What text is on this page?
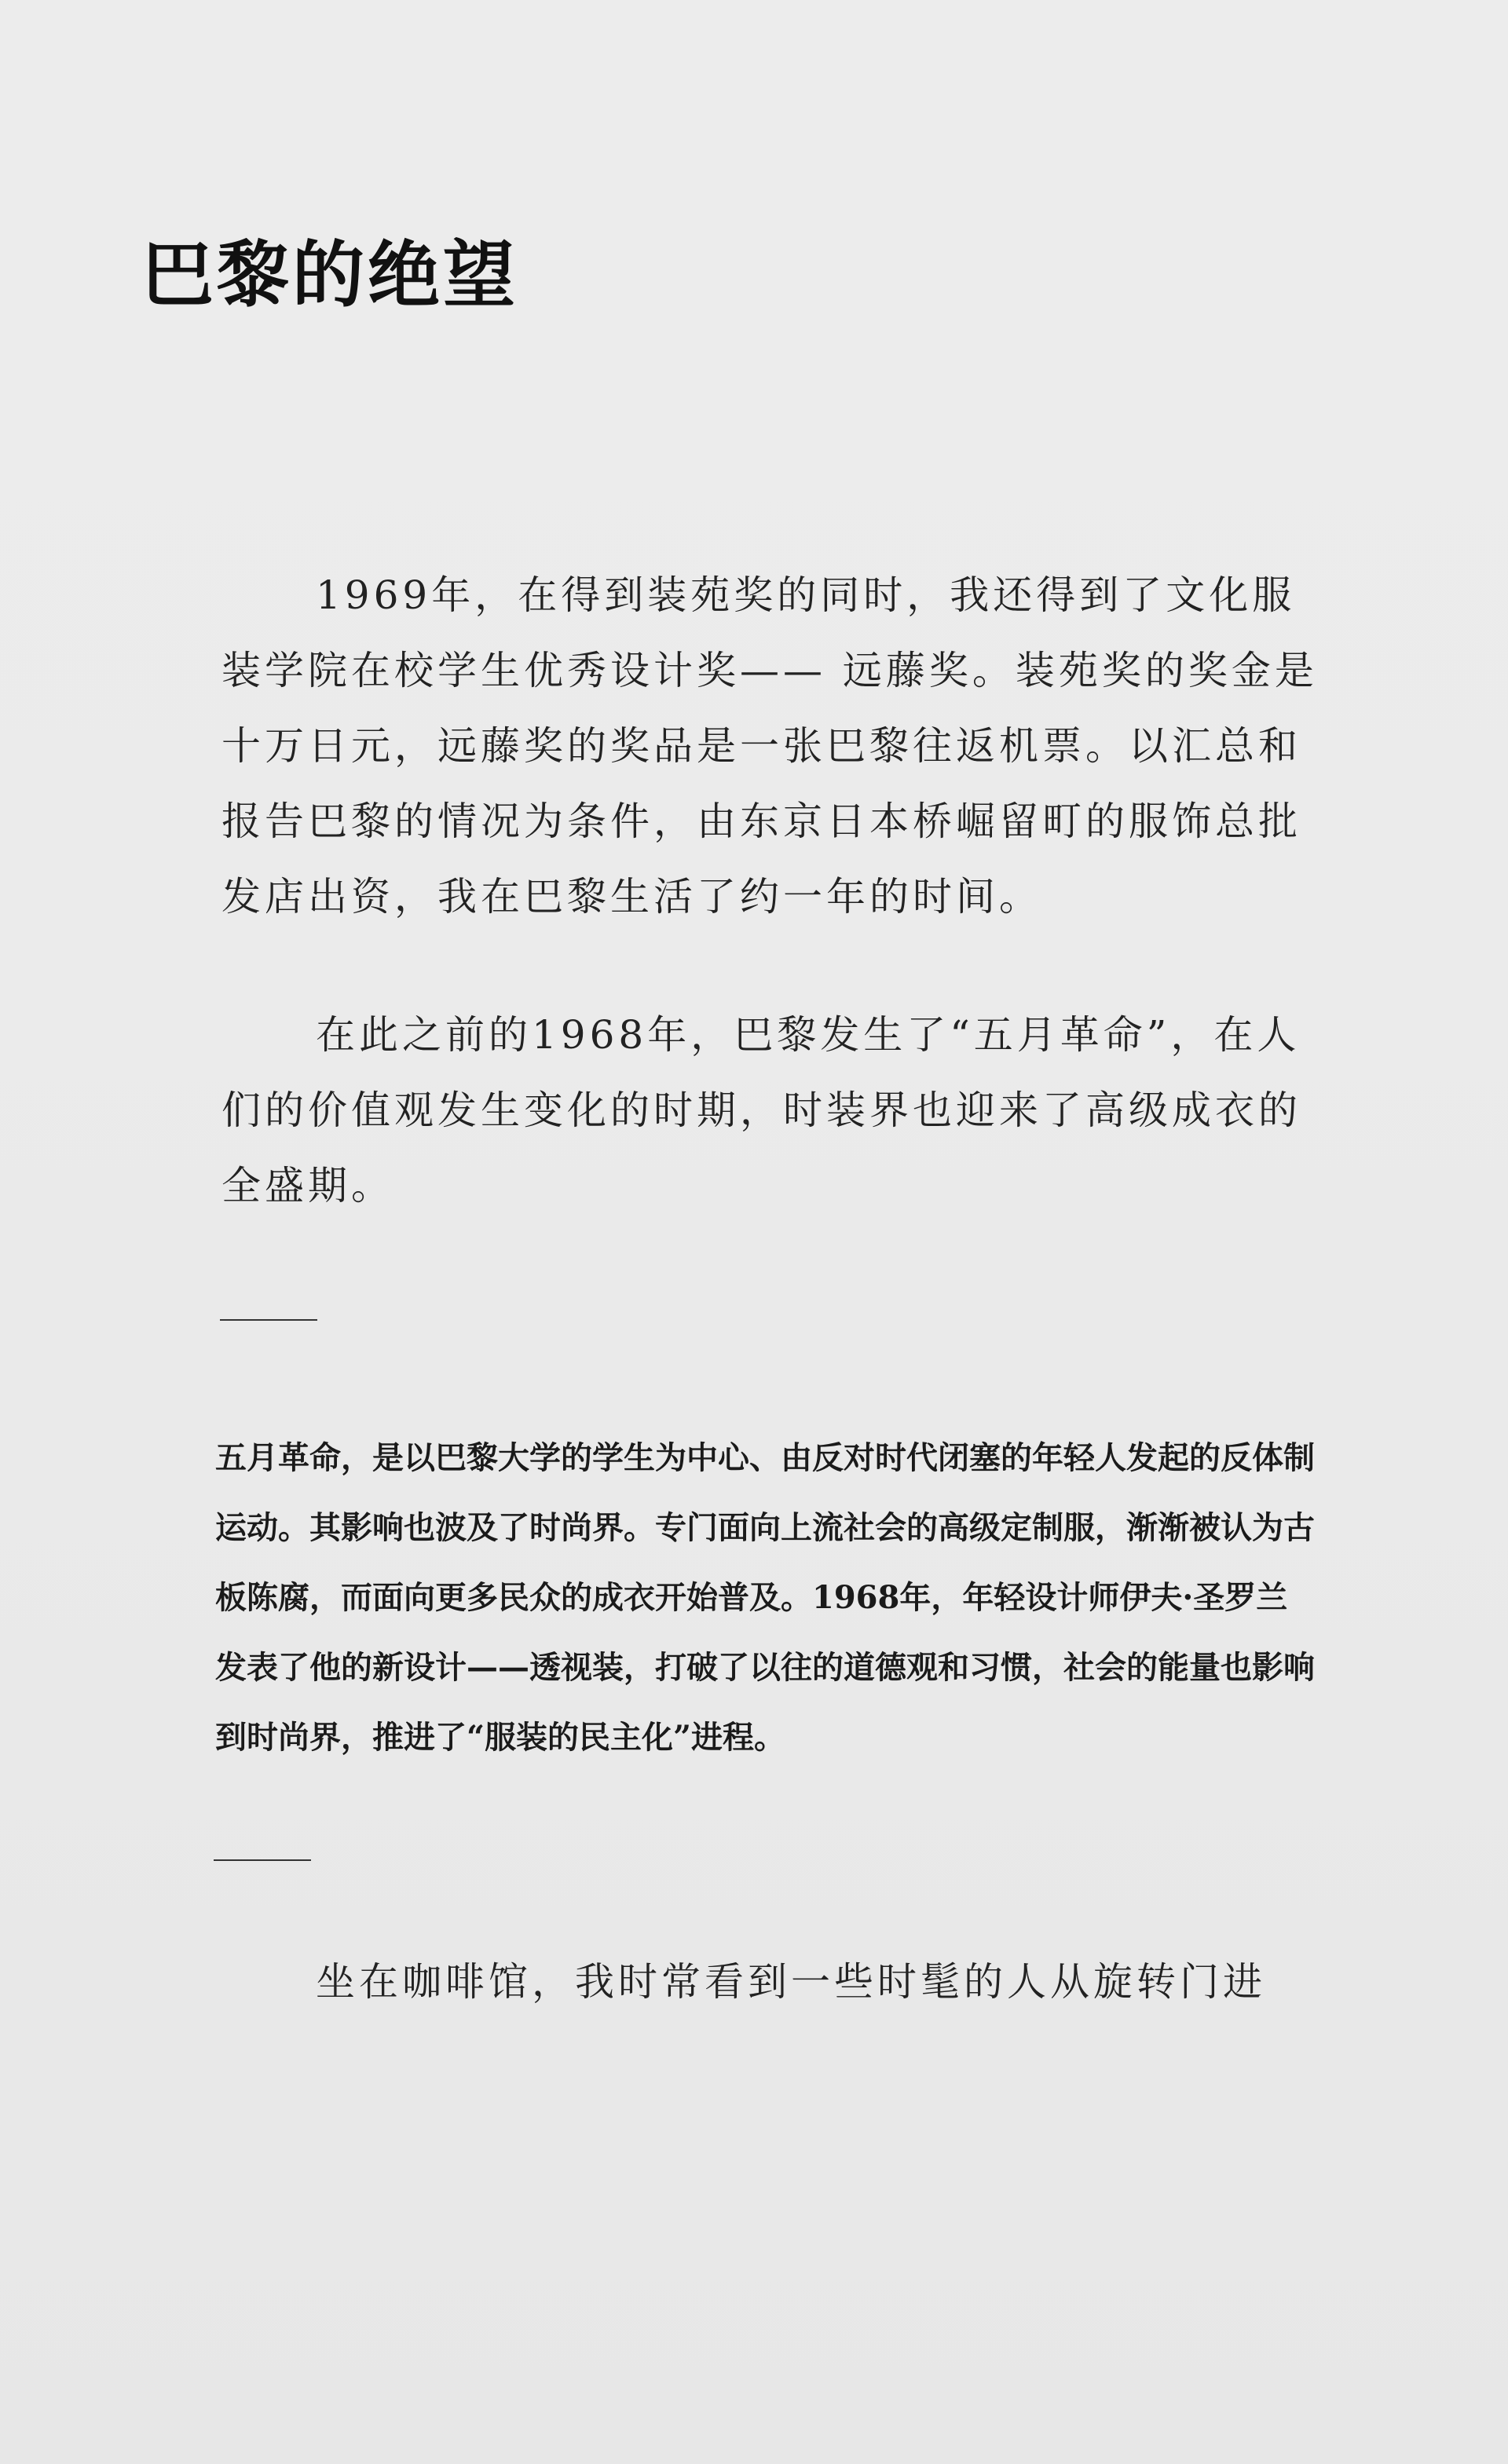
巴黎的绝望

1969年，在得到装苑奖的同时，我还得到了文化服装学院在校学生优秀设计奖—— 远藤奖。装苑奖的奖金是十万日元，远藤奖的奖品是一张巴黎往返机票。以汇总和报告巴黎的情况为条件，由东京日本桥崛留町的服饰总批发店出资，我在巴黎生活了约一年的时间。

在此之前的1968年，巴黎发生了“五月革命”，在人们的价值观发生变化的时期，时装界也迎来了高级成衣的全盛期。

五月革命，是以巴黎大学的学生为中心、由反对时代闭塞的年轻人发起的反体制运动。其影响也波及了时尚界。专门面向上流社会的高级定制服，渐渐被认为古板陈腐，而面向更多民众的成衣开始普及。1968年，年轻设计师伊夫·圣罗兰发表了他的新设计——透视装，打破了以往的道德观和习惯，社会的能量也影响到时尚界，推进了“服装的民主化”进程。

坐在咖啡馆，我时常看到一些时髦的人从旋转门进
